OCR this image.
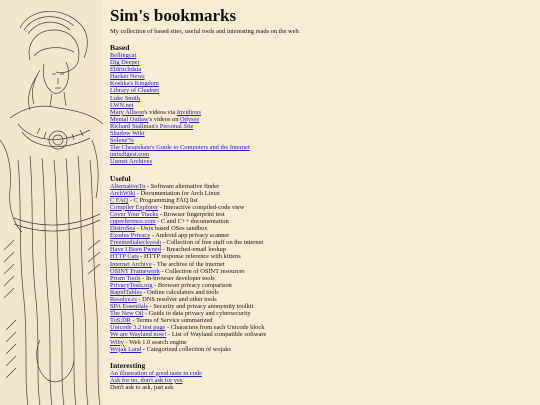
Sim's bookmarks
My collection of based sites, useful tools and interesting reads on the web.
Based
Bellingcat
Dig Deeper
Eldritchdata
Hacker News
Koshka's Kingdom
Library of Chadnet
Luke Smith
LWN.net
Mary Allison's videos via Invidious
Mental Outlaw's videos on Odysee
Richard Stallman's Personal Site
Shadow Wiki
Solene'%
The Cheapskate's Guide to Computers and the Internet
unixdigest.com
Usenet Archives
Useful
AlternativeTo - Software alternative finder
ArchWiki - Documentation for Arch Linux
C FAQ - C Programming FAQ list
Compiler Explorer - Interactive compiled-code view
Cover Your Tracks - Browser fingerprint test
cppreference.com - C and C++ documentation
DistroSea - Unix based OSes sandbox
Exodus Privacy - Android app privacy scanner
Freemediaheckyeah - Collection of free stuff on the internet
Have I Been Pwned - Breached-email lookup
HTTP Cats - HTTP response reference with kittens
Internet Archive - The archive of the internet
OSINT Framework - Collection of OSINT resources
Prism Tools - In-browser developer tools
PrivacyTests.org - Browser privacy comparison
RapidTables - Online calculators and tools
Resolve.rs - DNS resolver and other tools
SPA Essentials - Security and privacy anonymity toolkit
The New Oil - Guide to data privacy and cybersecurity
ToS;DR - Terms of Service summarized
Unicode 3.2 test page - Characters from each Unicode block
We are Wayland now! - List of Wayland compatible software
Wiby - Web 1.0 search engine
Wojak Land - Categorized collection of wojaks
Interesting
An illustration of good taste in code
Ask for no, don't ask for yes
Don't ask to ask, just ask
